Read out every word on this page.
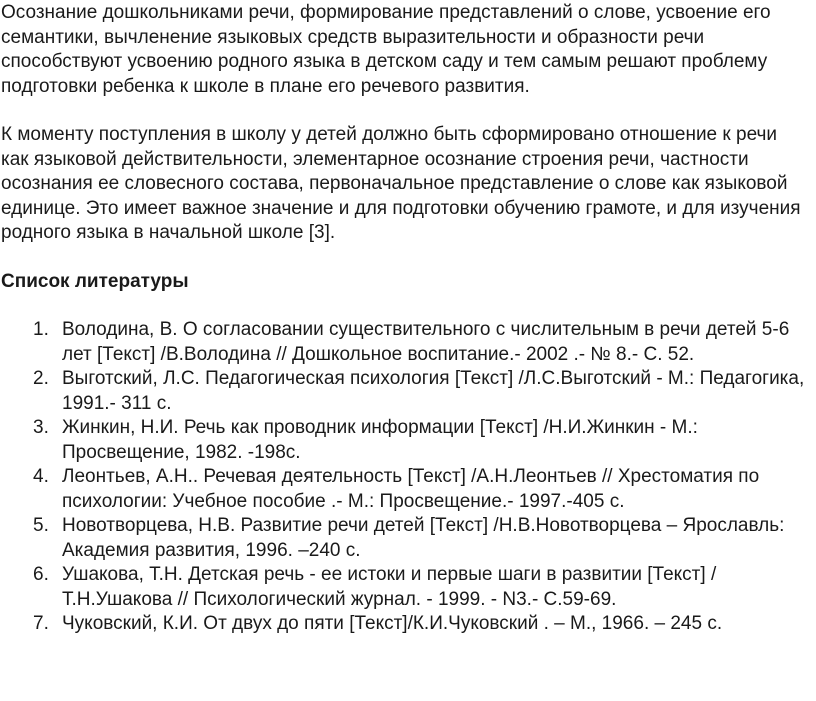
Осознание дошкольниками речи, формирование представлений о слове, усвоение его семантики, вычленение языковых средств выразительности и образности речи способствуют усвоению родного языка в детском саду и тем самым решают проблему подготовки ребенка к школе в плане его речевого развития.

К моменту поступления в школу у детей должно быть сформировано отношение к речи как языковой действительности, элементарное осознание строения речи, частности осознания ее словесного состава, первоначальное представление о слове как языковой единице. Это имеет важное значение и для подготовки обучению грамоте, и для изучения родного языка в начальной школе [3].

Список литературы
1. Володина, В. О согласовании существительного с числительным в речи детей 5-6 лет [Текст] /В.Володина // Дошкольное воспитание.- 2002 .- № 8.- С. 52.
2. Выготский, Л.С. Педагогическая психология [Текст] /Л.С.Выготский - М.: Педагогика, 1991.- 311 с.
3. Жинкин, Н.И. Речь как проводник информации [Текст] /Н.И.Жинкин - М.: Просвещение, 1982. -198с.
4. Леонтьев, А.Н.. Речевая деятельность [Текст] /А.Н.Леонтьев // Хрестоматия по психологии: Учебное пособие .- М.: Просвещение.- 1997.-405 с.
5. Новотворцева, Н.В. Развитие речи детей [Текст] /Н.В.Новотворцева – Ярославль: Академия развития, 1996. –240 с.
6. Ушакова, Т.Н. Детская речь - ее истоки и первые шаги в развитии [Текст] / Т.Н.Ушакова // Психологический журнал. - 1999. - N3.- С.59-69.
7. Чуковский, К.И. От двух до пяти [Текст]/К.И.Чуковский . – М., 1966. – 245 с.
